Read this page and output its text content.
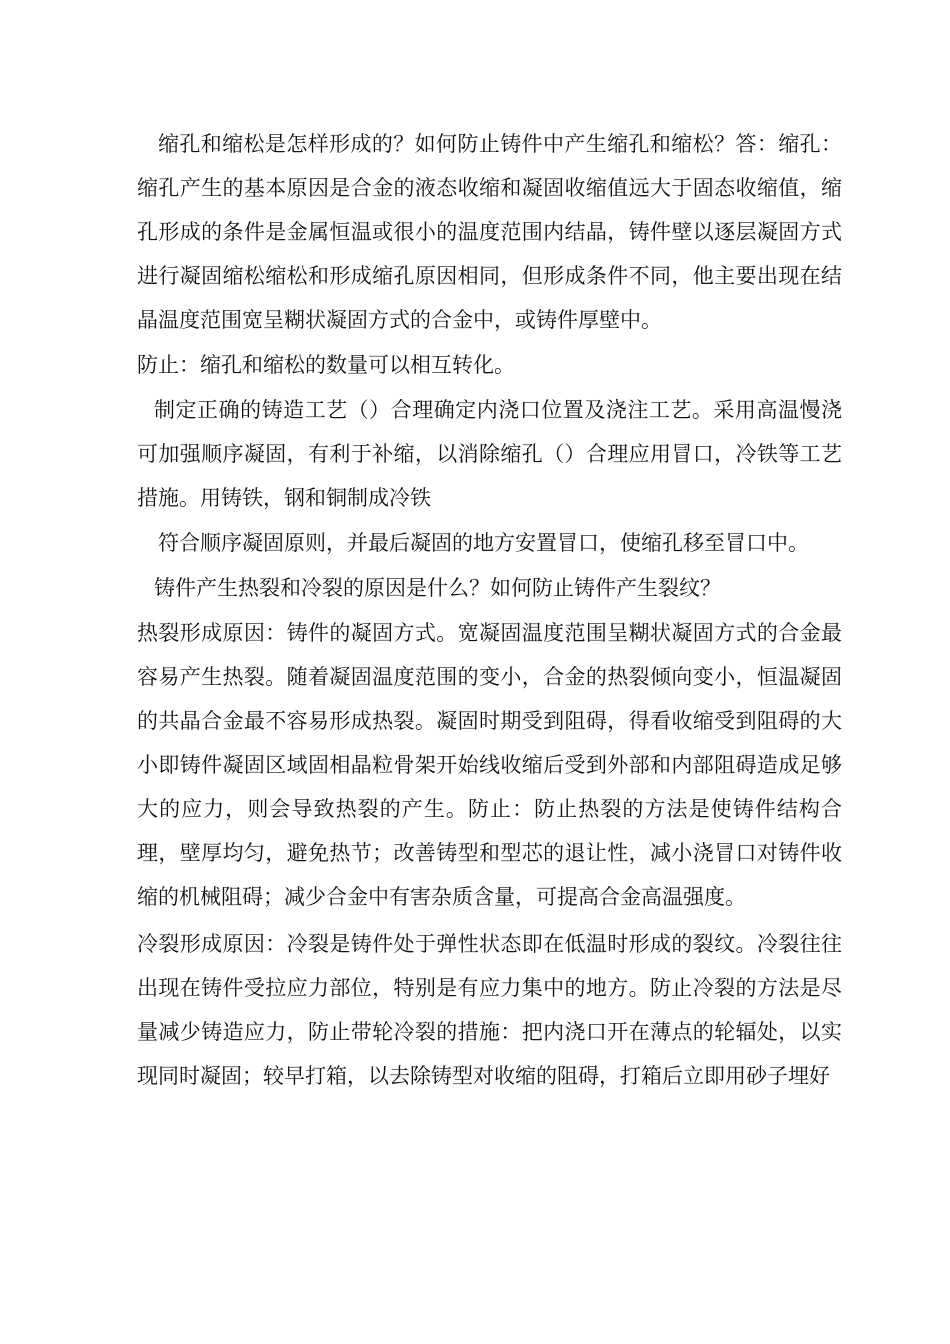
缩孔和缩松是怎样形成的？如何防止铸件中产生缩孔和缩松？答：缩孔：缩孔产生的基本原因是合金的液态收缩和凝固收缩值远大于固态收缩值，缩孔形成的条件是金属恒温或很小的温度范围内结晶，铸件壁以逐层凝固方式进行凝固缩松缩松和形成缩孔原因相同，但形成条件不同，他主要出现在结晶温度范围宽呈糊状凝固方式的合金中，或铸件厚壁中。

防止：缩孔和缩松的数量可以相互转化。

制定正确的铸造工艺（）合理确定内浇口位置及浇注工艺。采用高温慢浇可加强顺序凝固，有利于补缩，以消除缩孔（）合理应用冒口，冷铁等工艺措施。用铸铁，钢和铜制成冷铁

符合顺序凝固原则，并最后凝固的地方安置冒口，使缩孔移至冒口中。

铸件产生热裂和冷裂的原因是什么？如何防止铸件产生裂纹？

热裂形成原因：铸件的凝固方式。宽凝固温度范围呈糊状凝固方式的合金最容易产生热裂。随着凝固温度范围的变小，合金的热裂倾向变小，恒温凝固的共晶合金最不容易形成热裂。凝固时期受到阻碍，得看收缩受到阻碍的大小即铸件凝固区域固相晶粒骨架开始线收缩后受到外部和内部阻碍造成足够大的应力，则会导致热裂的产生。防止：防止热裂的方法是使铸件结构合理，壁厚均匀，避免热节；改善铸型和型芯的退让性，减小浇冒口对铸件收缩的机械阻碍；减少合金中有害杂质含量，可提高合金高温强度。

冷裂形成原因：冷裂是铸件处于弹性状态即在低温时形成的裂纹。冷裂往往出现在铸件受拉应力部位，特别是有应力集中的地方。防止冷裂的方法是尽量减少铸造应力，防止带轮冷裂的措施：把内浇口开在薄点的轮辐处，以实现同时凝固；较早打箱，以去除铸型对收缩的阻碍，打箱后立即用砂子埋好
